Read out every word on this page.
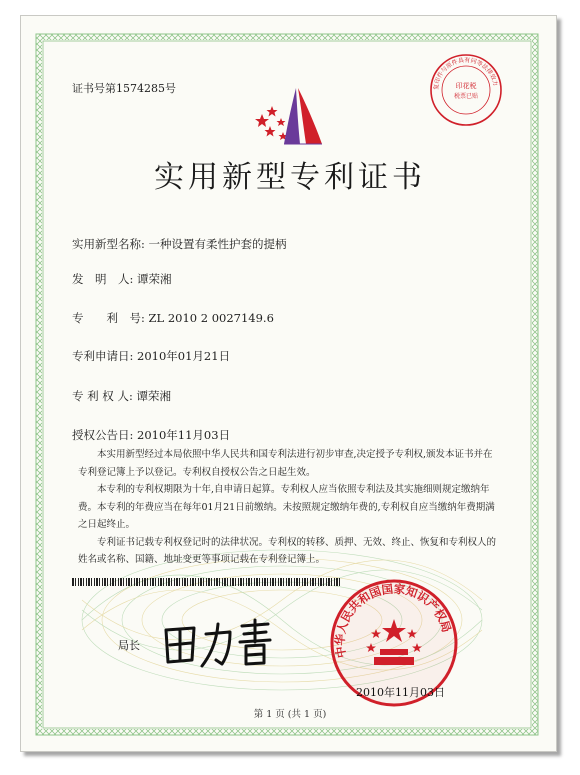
证书号第1574285号
实用新型专利证书
实用新型名称: 一种设置有柔性护套的提柄
发　明　人: 谭荣湘
专　　利　号: ZL 2010 2 0027149.6
专利申请日: 2010年01月21日
专 利 权 人: 谭荣湘
授权公告日: 2010年11月03日

本实用新型经过本局依照中华人民共和国专利法进行初步审查,决定授予专利权,颁发本证书并在专利登记簿上予以登记。专利权自授权公告之日起生效。

本专利的专利权期限为十年,自申请日起算。专利权人应当依照专利法及其实施细则规定缴纳年费。本专利的年费应当在每年01月21日前缴纳。未按照规定缴纳年费的,专利权自应当缴纳年费期满之日起终止。

专利证书记载专利权登记时的法律状况。专利权的转移、质押、无效、终止、恢复和专利权人的姓名或名称、国籍、地址变更等事项记载在专利登记簿上。

局长
复印件与原件具有同等法律效力
印花税
税票已贴
中华人民共和国国家知识产权局
2010年11月03日
第 1 页 (共 1 页)
